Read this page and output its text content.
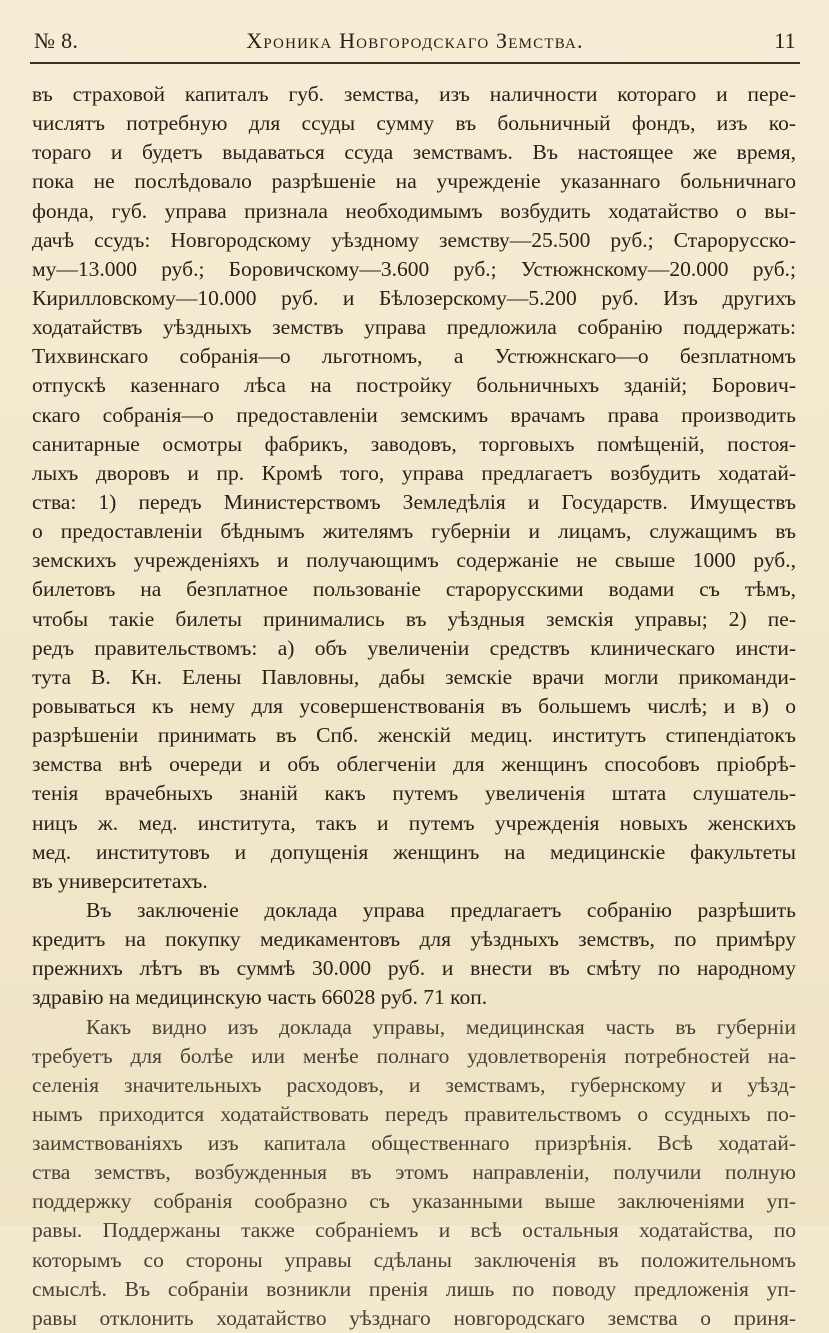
№ 8.	Хроника Новгородскаго Земства.	11
въ страховой капиталъ губ. земства, изъ наличности котораго и пере-
числятъ потребную для ссуды сумму въ больничный фондъ, изъ ко-
тораго и будетъ выдаваться ссуда земствамъ. Въ настоящее же время,
пока не послѣдовало разрѣшеніе на учрежденіе указаннаго больничнаго
фонда, губ. управа признала необходимымъ возбудить ходатайство о вы-
дачѣ ссудъ: Новгородскому уѣздному земству—25.500 руб.; Старорусско-
му—13.000 руб.; Боровичскому—3.600 руб.; Устюжнскому—20.000 руб.;
Кирилловскому—10.000 руб. и Бѣлозерскому—5.200 руб. Изъ другихъ
ходатайствъ уѣздныхъ земствъ управа предложила собранію поддержать:
Тихвинскаго собранія—о льготномъ, а Устюжнскаго—о безплатномъ
отпускѣ казеннаго лѣса на постройку больничныхъ зданій; Борович-
скаго собранія—о предоставленіи земскимъ врачамъ права производить
санитарные осмотры фабрикъ, заводовъ, торговыхъ помѣщеній, постоя-
лыхъ дворовъ и пр. Кромѣ того, управа предлагаетъ возбудить ходатай-
ства: 1) передъ Министерствомъ Земледѣлія и Государств. Имуществъ
о предоставленіи бѣднымъ жителямъ губерніи и лицамъ, служащимъ въ
земскихъ учрежденіяхъ и получающимъ содержаніе не свыше 1000 руб.,
билетовъ на безплатное пользованіе старорусскими водами съ тѣмъ,
чтобы такіе билеты принимались въ уѣздныя земскія управы; 2) пе-
редъ правительствомъ: а) объ увеличеніи средствъ клиническаго инсти-
тута В. Кн. Елены Павловны, дабы земскіе врачи могли прикоманди-
ровываться къ нему для усовершенствованія въ большемъ числѣ; и в) о
разрѣшеніи принимать въ Спб. женскій медиц. институтъ стипендіатокъ
земства внѣ очереди и объ облегченіи для женщинъ способовъ пріобрѣ-
тенія врачебныхъ знаній какъ путемъ увеличенія штата слушатель-
ницъ ж. мед. института, такъ и путемъ учрежденія новыхъ женскихъ
мед. институтовъ и допущенія женщинъ на медицинскіе факультеты
въ университетахъ.
Въ заключеніе доклада управа предлагаетъ собранію разрѣшить
кредитъ на покупку медикаментовъ для уѣздныхъ земствъ, по примѣру
прежнихъ лѣтъ въ суммѣ 30.000 руб. и внести въ смѣту по народному
здравію на медицинскую часть 66028 руб. 71 коп.
Какъ видно изъ доклада управы, медицинская часть въ губерніи
требуетъ для болѣе или менѣе полнаго удовлетворенія потребностей на-
селенія значительныхъ расходовъ, и земствамъ, губернскому и уѣзд-
нымъ приходится ходатайствовать передъ правительствомъ о ссудныхъ по-
заимствованіяхъ изъ капитала общественнаго призрѣнія. Всѣ ходатай-
ства земствъ, возбужденныя въ этомъ направленіи, получили полную
поддержку собранія сообразно съ указанными выше заключеніями уп-
равы. Поддержаны также собраніемъ и всѣ остальныя ходатайства, по
которымъ со стороны управы сдѣланы заключенія въ положительномъ
смыслѣ. Въ собраніи возникли пренія лишь по поводу предложенія уп-
равы отклонить ходатайство уѣзднаго новгородскаго земства о приня-
